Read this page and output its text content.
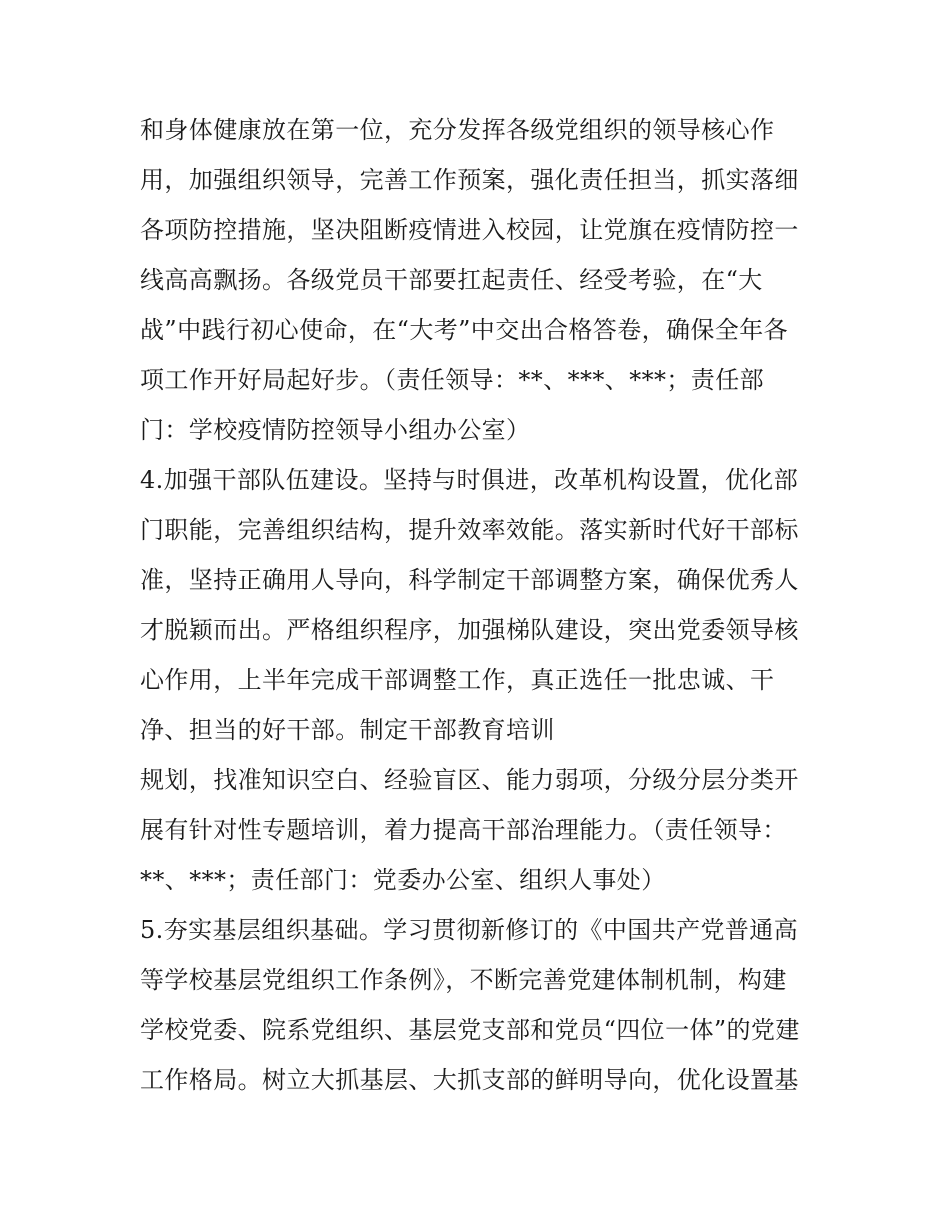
和身体健康放在第一位，充分发挥各级党组织的领导核心作
用，加强组织领导，完善工作预案，强化责任担当，抓实落细
各项防控措施，坚决阻断疫情进入校园，让党旗在疫情防控一
线高高飘扬。各级党员干部要扛起责任、经受考验，在“大
战”中践行初心使命，在“大考”中交出合格答卷，确保全年各
项工作开好局起好步。（责任领导：**、***、***；责任部
门：学校疫情防控领导小组办公室）
4.加强干部队伍建设。坚持与时俱进，改革机构设置，优化部
门职能，完善组织结构，提升效率效能。落实新时代好干部标
准，坚持正确用人导向，科学制定干部调整方案，确保优秀人
才脱颖而出。严格组织程序，加强梯队建设，突出党委领导核
心作用，上半年完成干部调整工作，真正选任一批忠诚、干
净、担当的好干部。制定干部教育培训
规划，找准知识空白、经验盲区、能力弱项，分级分层分类开
展有针对性专题培训，着力提高干部治理能力。（责任领导：
**、***；责任部门：党委办公室、组织人事处）
5.夯实基层组织基础。学习贯彻新修订的《中国共产党普通高
等学校基层党组织工作条例》，不断完善党建体制机制，构建
学校党委、院系党组织、基层党支部和党员“四位一体”的党建
工作格局。树立大抓基层、大抓支部的鲜明导向，优化设置基
